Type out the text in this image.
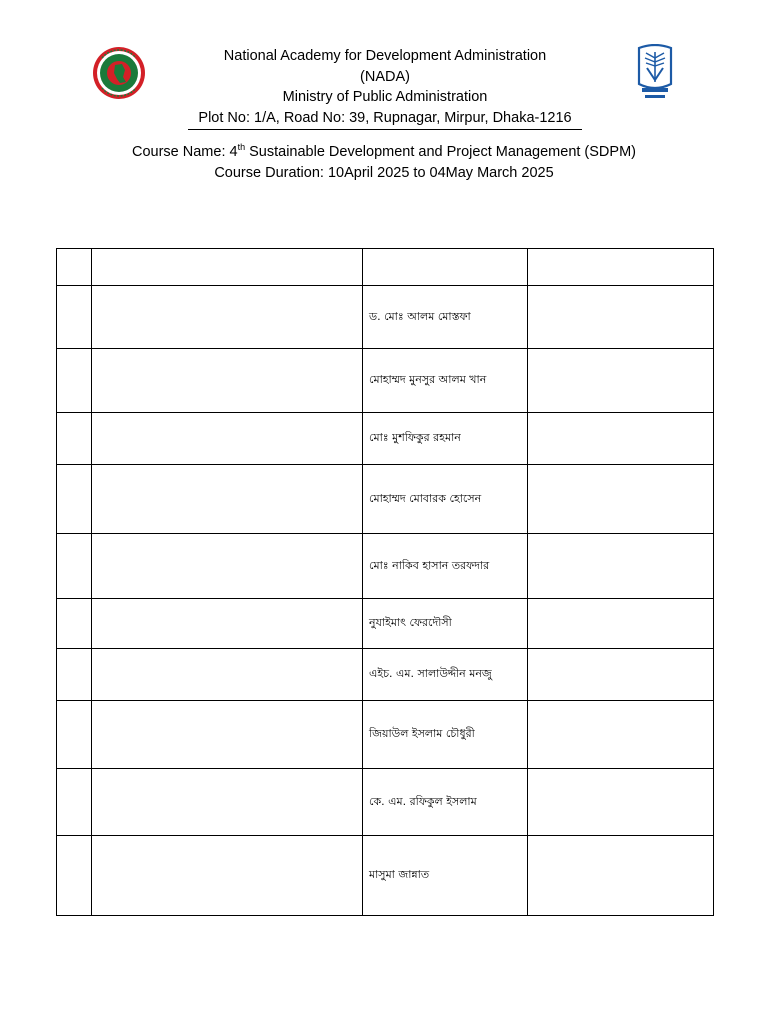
National Academy for Development Administration
(NADA)
Ministry of Public Administration
Plot No: 1/A, Road No: 39, Rupnagar, Mirpur, Dhaka-1216
Course Name: 4th Sustainable Development and Project Management (SDPM)
Course Duration: 10April 2025 to 04May March 2025

		ড. মোঃ আলম মোস্তফা	
		মোহাম্মদ মুনসুর আলম খান	
		মোঃ মুশফিকুর রহমান	
		মোহাম্মদ মোবারক হোসেন	
		মোঃ নাকিব হাসান তরফদার	
		নুযাইমাৎ ফেরদৌসী	
		এইচ. এম. সালাউদ্দীন মনজু	
		জিয়াউল ইসলাম চৌধুরী	
		কে. এম. রফিকুল ইসলাম	
		মাসুমা জান্নাত	
